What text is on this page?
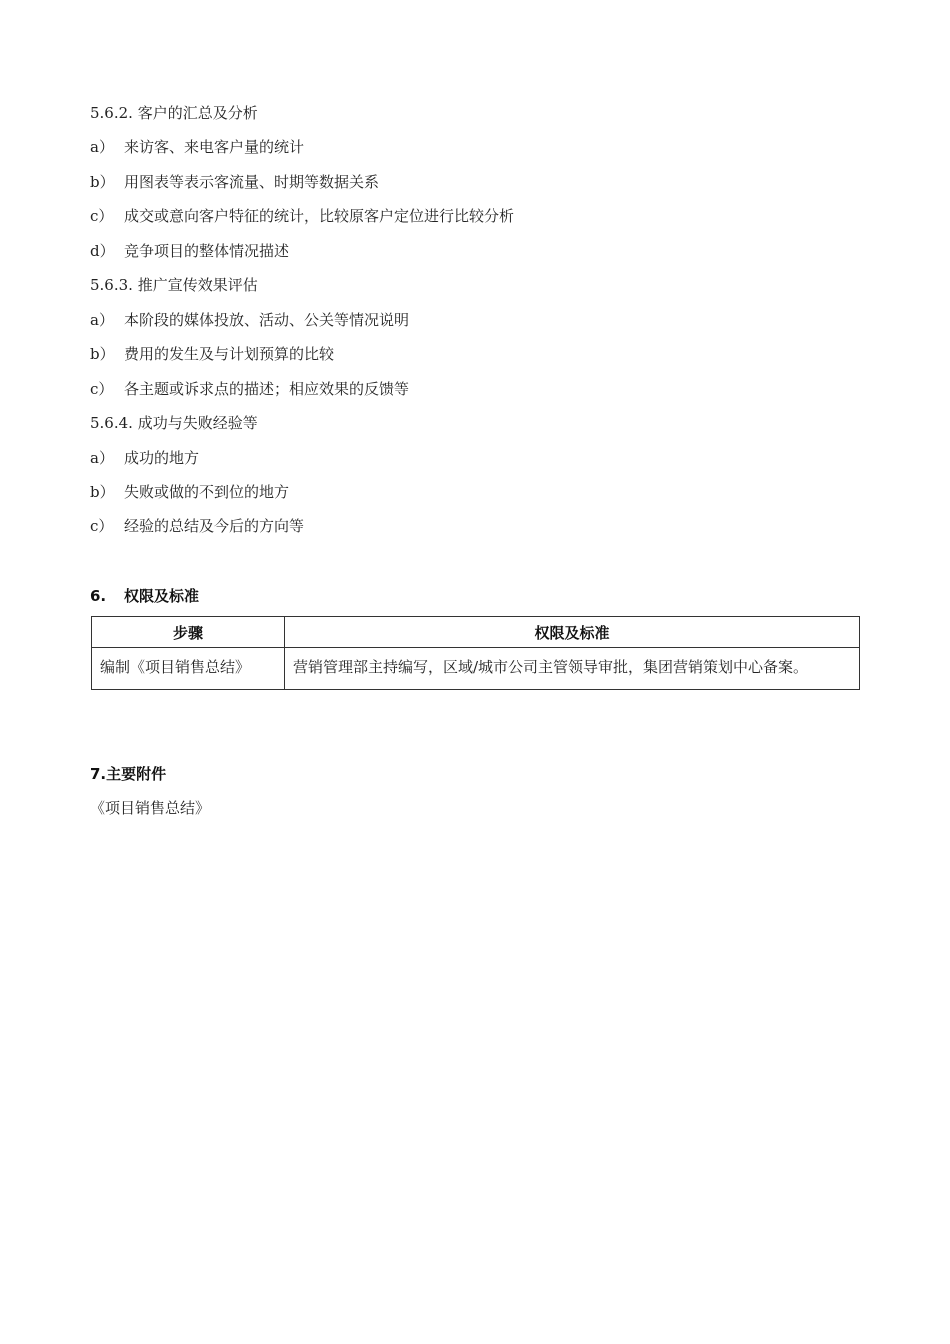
5.6.2. 客户的汇总及分析
a） 来访客、来电客户量的统计
b） 用图表等表示客流量、时期等数据关系
c） 成交或意向客户特征的统计，比较原客户定位进行比较分析
d） 竞争项目的整体情况描述
5.6.3. 推广宣传效果评估
a） 本阶段的媒体投放、活动、公关等情况说明
b） 费用的发生及与计划预算的比较
c） 各主题或诉求点的描述；相应效果的反馈等
5.6.4. 成功与失败经验等
a） 成功的地方
b） 失败或做的不到位的地方
c） 经验的总结及今后的方向等
6. 权限及标准
步骤	权限及标准
编制《项目销售总结》	营销管理部主持编写，区域/城市公司主管领导审批，集团营销策划中心备案。
7.主要附件
《项目销售总结》
